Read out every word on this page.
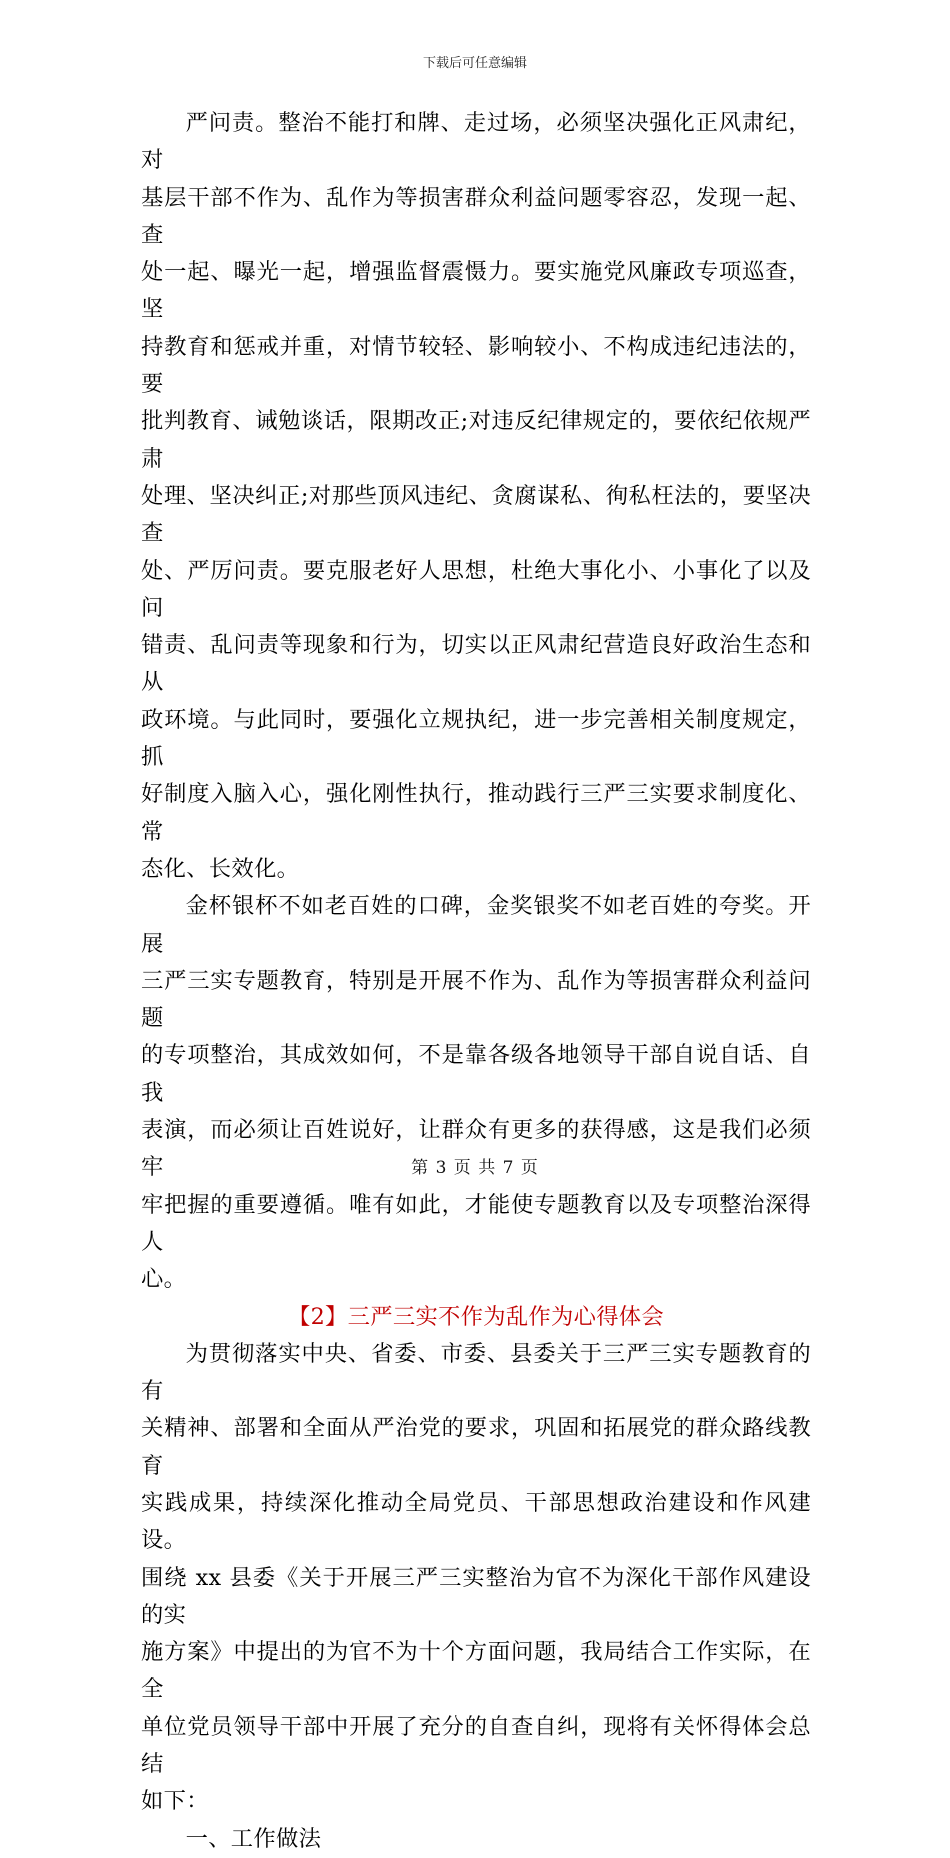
下载后可任意编辑

严问责。整治不能打和牌、走过场，必须坚决强化正风肃纪，对
基层干部不作为、乱作为等损害群众利益问题零容忍，发现一起、查
处一起、曝光一起，增强监督震慑力。要实施党风廉政专项巡查，坚
持教育和惩戒并重，对情节较轻、影响较小、不构成违纪违法的，要
批判教育、诫勉谈话，限期改正;对违反纪律规定的，要依纪依规严肃
处理、坚决纠正;对那些顶风违纪、贪腐谋私、徇私枉法的，要坚决查
处、严厉问责。要克服老好人思想，杜绝大事化小、小事化了以及问
错责、乱问责等现象和行为，切实以正风肃纪营造良好政治生态和从
政环境。与此同时，要强化立规执纪，进一步完善相关制度规定，抓
好制度入脑入心，强化刚性执行，推动践行三严三实要求制度化、常
态化、长效化。

金杯银杯不如老百姓的口碑，金奖银奖不如老百姓的夸奖。开展
三严三实专题教育，特别是开展不作为、乱作为等损害群众利益问题
的专项整治，其成效如何，不是靠各级各地领导干部自说自话、自我
表演，而必须让百姓说好，让群众有更多的获得感，这是我们必须牢
牢把握的重要遵循。唯有如此，才能使专题教育以及专项整治深得人
心。

【2】三严三实不作为乱作为心得体会

为贯彻落实中央、省委、市委、县委关于三严三实专题教育的有
关精神、部署和全面从严治党的要求，巩固和拓展党的群众路线教育
实践成果，持续深化推动全局党员、干部思想政治建设和作风建设。
围绕 xx 县委《关于开展三严三实整治为官不为深化干部作风建设的实
施方案》中提出的为官不为十个方面问题，我局结合工作实际，在全
单位党员领导干部中开展了充分的自查自纠，现将有关怀得体会总结
如下：

一、工作做法

第 3 页 共 7 页
